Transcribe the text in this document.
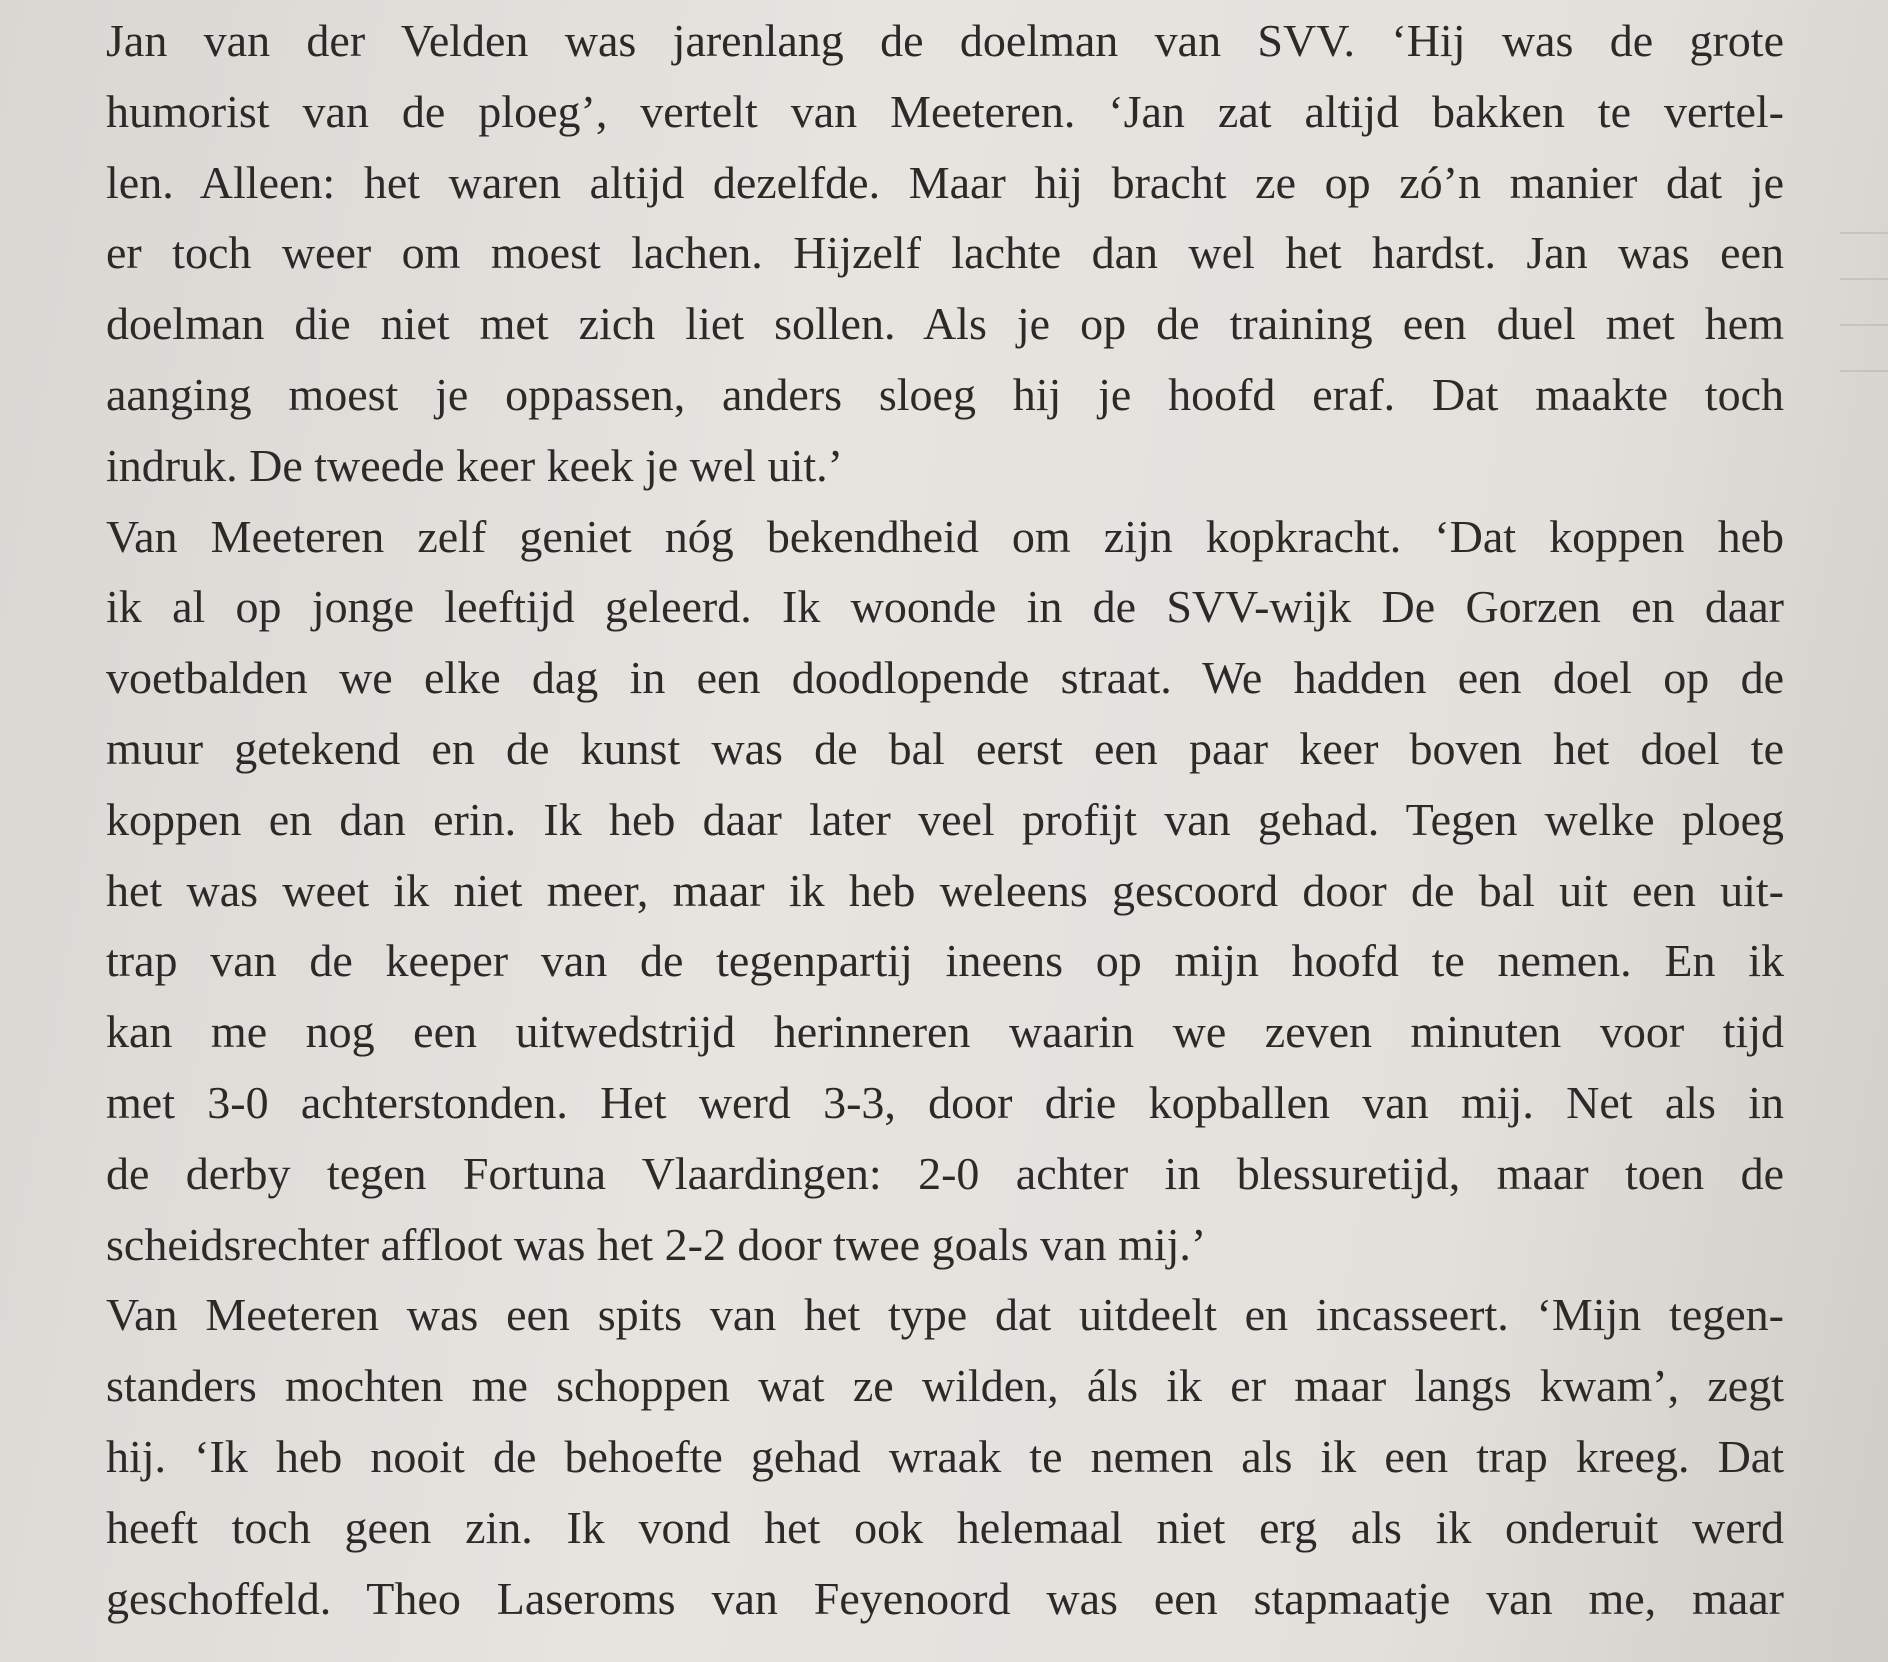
Jan van der Velden was jarenlang de doelman van SVV. ‘Hij was de grote
humorist van de ploeg’, vertelt van Meeteren. ‘Jan zat altijd bakken te vertel-
len. Alleen: het waren altijd dezelfde. Maar hij bracht ze op zó’n manier dat je
er toch weer om moest lachen. Hijzelf lachte dan wel het hardst. Jan was een
doelman die niet met zich liet sollen. Als je op de training een duel met hem
aanging moest je oppassen, anders sloeg hij je hoofd eraf. Dat maakte toch
indruk. De tweede keer keek je wel uit.’
Van Meeteren zelf geniet nóg bekendheid om zijn kopkracht. ‘Dat koppen heb
ik al op jonge leeftijd geleerd. Ik woonde in de SVV-wijk De Gorzen en daar
voetbalden we elke dag in een doodlopende straat. We hadden een doel op de
muur getekend en de kunst was de bal eerst een paar keer boven het doel te
koppen en dan erin. Ik heb daar later veel profijt van gehad. Tegen welke ploeg
het was weet ik niet meer, maar ik heb weleens gescoord door de bal uit een uit-
trap van de keeper van de tegenpartij ineens op mijn hoofd te nemen. En ik
kan me nog een uitwedstrijd herinneren waarin we zeven minuten voor tijd
met 3-0 achterstonden. Het werd 3-3, door drie kopballen van mij. Net als in
de derby tegen Fortuna Vlaardingen: 2-0 achter in blessuretijd, maar toen de
scheidsrechter affloot was het 2-2 door twee goals van mij.’
Van Meeteren was een spits van het type dat uitdeelt en incasseert. ‘Mijn tegen-
standers mochten me schoppen wat ze wilden, áls ik er maar langs kwam’, zegt
hij. ‘Ik heb nooit de behoefte gehad wraak te nemen als ik een trap kreeg. Dat
heeft toch geen zin. Ik vond het ook helemaal niet erg als ik onderuit werd
geschoffeld. Theo Laseroms van Feyenoord was een stapmaatje van me, maar
